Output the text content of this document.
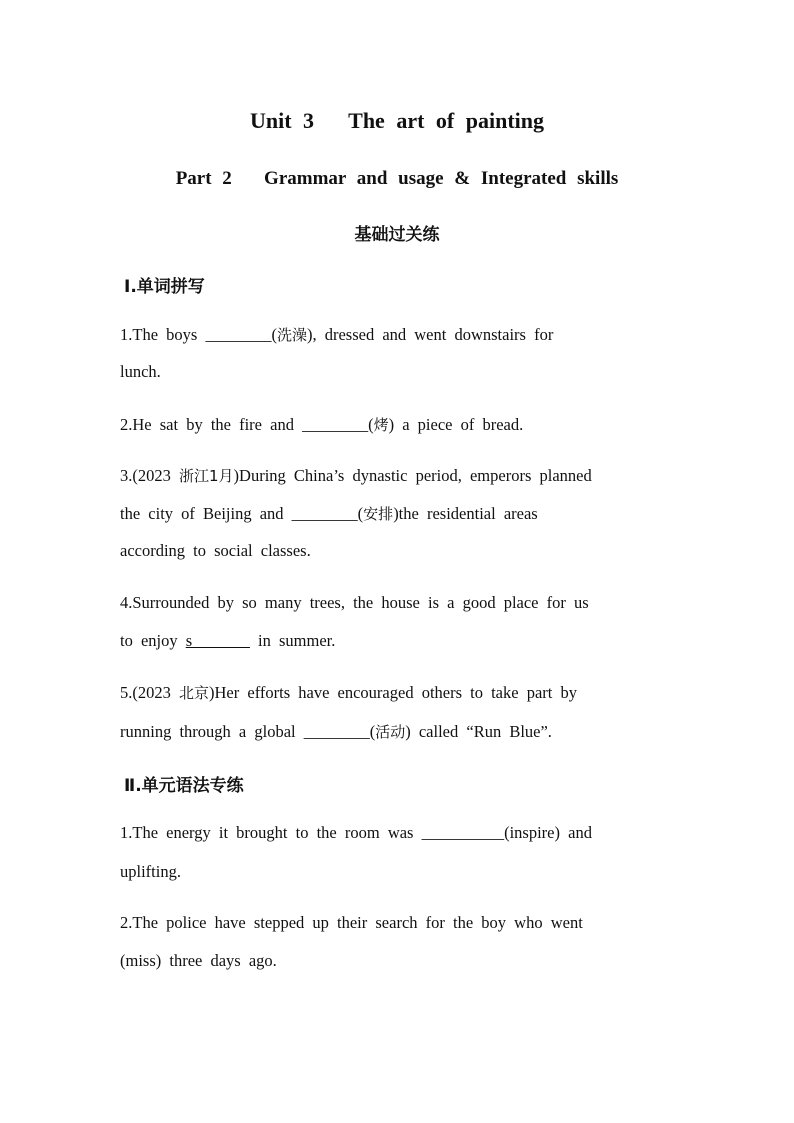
Unit 3   The art of painting
Part 2   Grammar and usage & Integrated skills
基础过关练
Ⅰ.单词拼写
1.The boys ________(洗澡), dressed and went downstairs for
lunch.
2.He sat by the fire and ________(烤) a piece of bread.
3.(2023 浙江1月)During China’s dynastic period, emperors planned
the city of Beijing and ________(安排)the residential areas
according to social classes.
4.Surrounded by so many trees, the house is a good place for us
to enjoy s_______ in summer.
5.(2023 北京)Her efforts have encouraged others to take part by
running through a global ________(活动) called “Run Blue”.
Ⅱ.单元语法专练
1.The energy it brought to the room was __________(inspire) and
uplifting.
2.The police have stepped up their search for the boy who went
(miss) three days ago.
